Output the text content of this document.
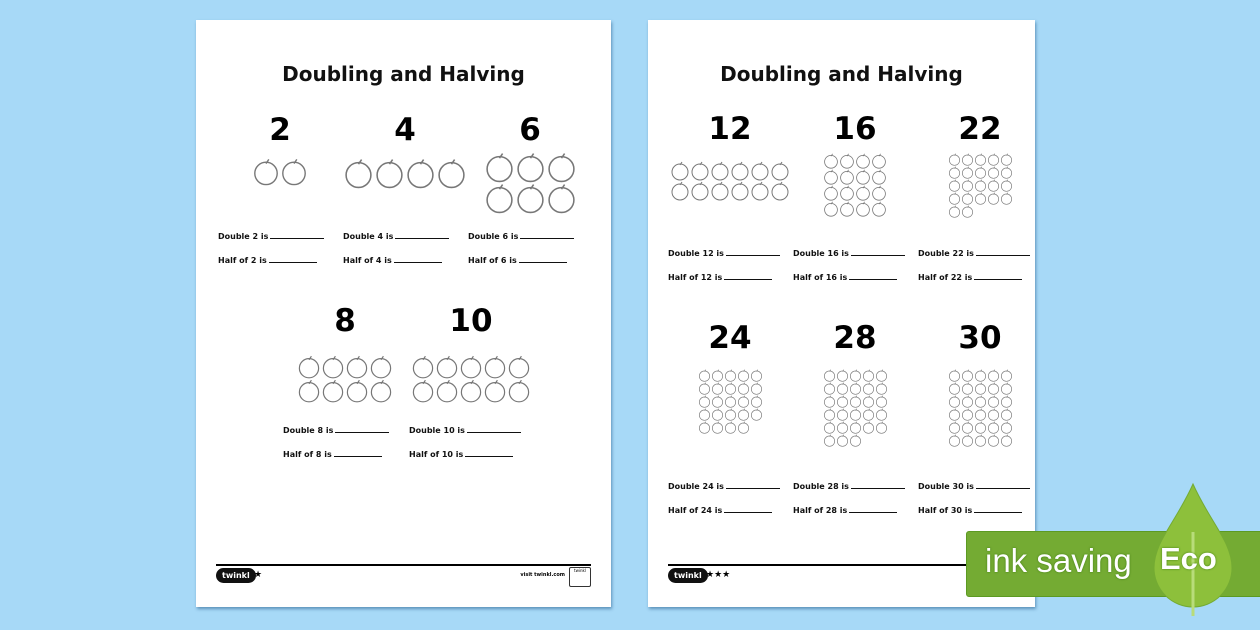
Doubling and Halving
2
Double 2 is
Half of 2 is
4
Double 4 is
Half of 4 is
6
Double 6 is
Half of 6 is
8
Double 8 is
Half of 8 is
10
Double 10 is
Half of 10 is
twinkl ★	visit twinkl.com
twinkl
Doubling and Halving
12
Double 12 is
Half of 12 is
16
Double 16 is
Half of 16 is
22
Double 22 is
Half of 22 is
24
Double 24 is
Half of 24 is
28
Double 28 is
Half of 28 is
30
Double 30 is
Half of 30 is
twinkl ★★★	ink saving Eco
